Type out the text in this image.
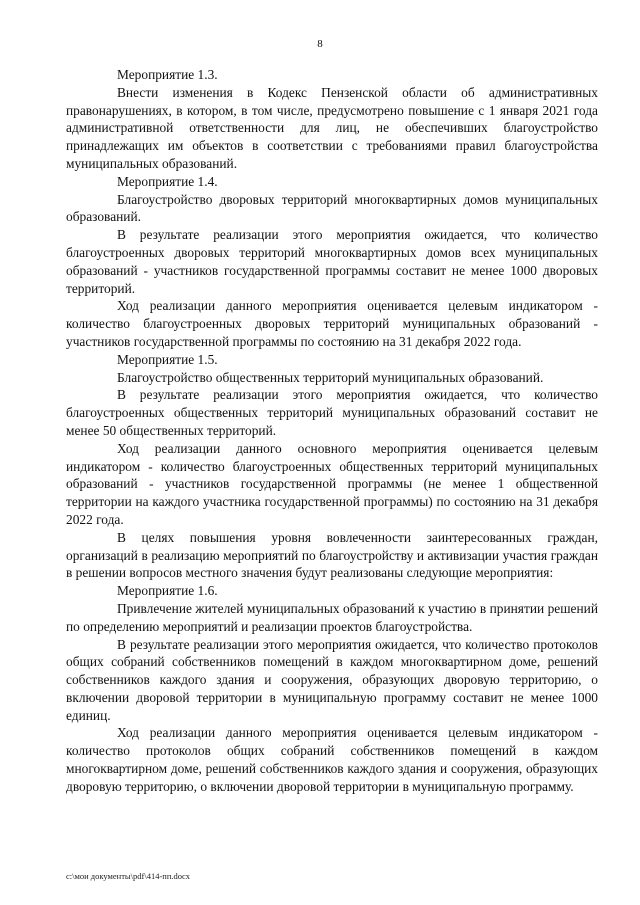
8

Мероприятие 1.3.

Внести изменения в Кодекс Пензенской области об административных правонарушениях, в котором, в том числе, предусмотрено повышение с 1 января 2021 года административной ответственности для лиц, не обеспечивших благоустройство принадлежащих им объектов в соответствии с требованиями правил благоустройства муниципальных образований.

Мероприятие 1.4.

Благоустройство дворовых территорий многоквартирных домов муниципальных образований.

В результате реализации этого мероприятия ожидается, что количество благоустроенных дворовых территорий многоквартирных домов всех муниципальных образований - участников государственной программы составит не менее 1000 дворовых территорий.

Ход реализации данного мероприятия оценивается целевым индикатором - количество благоустроенных дворовых территорий муниципальных образований - участников государственной программы по состоянию на 31 декабря 2022 года.

Мероприятие 1.5.

Благоустройство общественных территорий муниципальных образований.

В результате реализации этого мероприятия ожидается, что количество благоустроенных общественных территорий муниципальных образований составит не менее 50 общественных территорий.

Ход реализации данного основного мероприятия оценивается целевым индикатором - количество благоустроенных общественных территорий муниципальных образований - участников государственной программы (не менее 1 общественной территории на каждого участника государственной программы) по состоянию на 31 декабря 2022 года.

В целях повышения уровня вовлеченности заинтересованных граждан, организаций в реализацию мероприятий по благоустройству и активизации участия граждан в решении вопросов местного значения будут реализованы следующие мероприятия:

Мероприятие 1.6.

Привлечение жителей муниципальных образований к участию в принятии решений по определению мероприятий и реализации проектов благоустройства.

В результате реализации этого мероприятия ожидается, что количество протоколов общих собраний собственников помещений в каждом многоквартирном доме, решений собственников каждого здания и сооружения, образующих дворовую территорию, о включении дворовой территории в муниципальную программу составит не менее 1000 единиц.

Ход реализации данного мероприятия оценивается целевым индикатором - количество протоколов общих собраний собственников помещений в каждом многоквартирном доме, решений собственников каждого здания и сооружения, образующих дворовую территорию, о включении дворовой территории в муниципальную программу.

c:\мои документы\pdf\414-пп.docx
